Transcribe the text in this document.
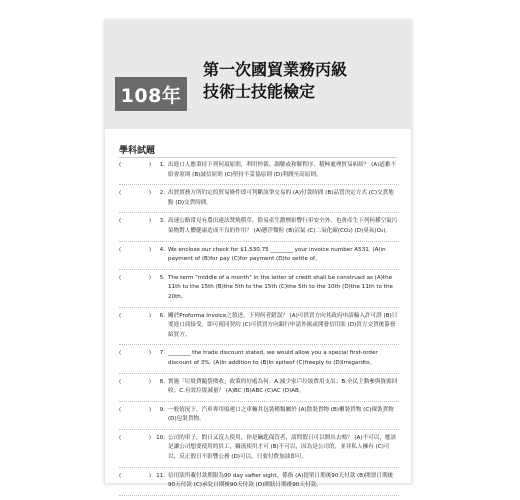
108年
第一次國貿業務丙級
技術士技能檢定
學科試題
(	)	1. 出進口人應秉持下列何項原則，利用仲裁、調解或和解程序，積極處理貿易糾紛？ (A)道歉不賠會原則 (B)誠信原則 (C)堅持不妥協原則 (D)利潤至高原則。
(	)	2. 出貿實務方所約定的貿易條件即可判斷該筆交易的 (A)付款時間 (B)品質決定方式 (C)交貨地點 (D)交貨時間。
(	)	3. 高速公路常見有農田違法焚燒稻草，除易產生濃煙影響行車安全外，也會產生下列何種空氣污染物對人體健康造成不良的作用？ (A)懸浮微粒 (B)沼氣 (C)二氧化碳(CO₂) (D)臭氧(O₃)。
(	)	4. We enclose our check for $1,530.75 ________ your invoice number A531. (A)in payment of (B)for pay (C)for payment (D)to settle of。
(	)	5. The term "middle of a month" in the letter of credit shall be construed as (A)the 11th to the 15th (B)the 5th to the 15th (C)the 5th to the 10th (D)the 11th to the 20th。
(	)	6. 關於Proforma Invoice之敘述，下列何者錯誤？ (A)可供買方向其政府申請輸入許可證 (B)只要進口商接受，即可視同契約 (C)可供買方向銀行申請外匯或開發信用狀 (D)買方交貨後簽發給買方。
(	)	7. ________ the trade discount stated, we would allow you a special first-order discount of 3%. (A)In addition to (B)In spiteof (C)freeply to (D)Irregardto。
(	)	8. 實施「垃圾費隨袋徵收」政策的好處為何：A.減少家戶垃圾費用支出；B.全民主動參與資源回收；C.有效垃圾減量？ (A)BC (B)ABC (C)AC (D)AB。
(	)	9. 一般情況下，汽車專用船運口之車輛其包裝種類屬於 (A)散裝貨物 (B)櫃裝貨物 (C)裸裝貨物 (D)包裝貨物。
(	) 10. 公司的車子，假日又沒人使用，你是鑰匙保管者，請問假日可以開出去嗎？ (A)不可以，應該是讓公司想要使用的員工，輪流使用才可 (B)不可以，因為是公司的，並非私人擁有 (C)可以，反正假日不影響公務 (D)可以，只要付費加油即可。
(	) 11. 信用狀所載付款期限為90 day safter sight，係指 (A)提單日期後90天付款 (B)開票日期後90天付款 (C)承兌日期後90天付款 (D)開狀日期後90天付款。
